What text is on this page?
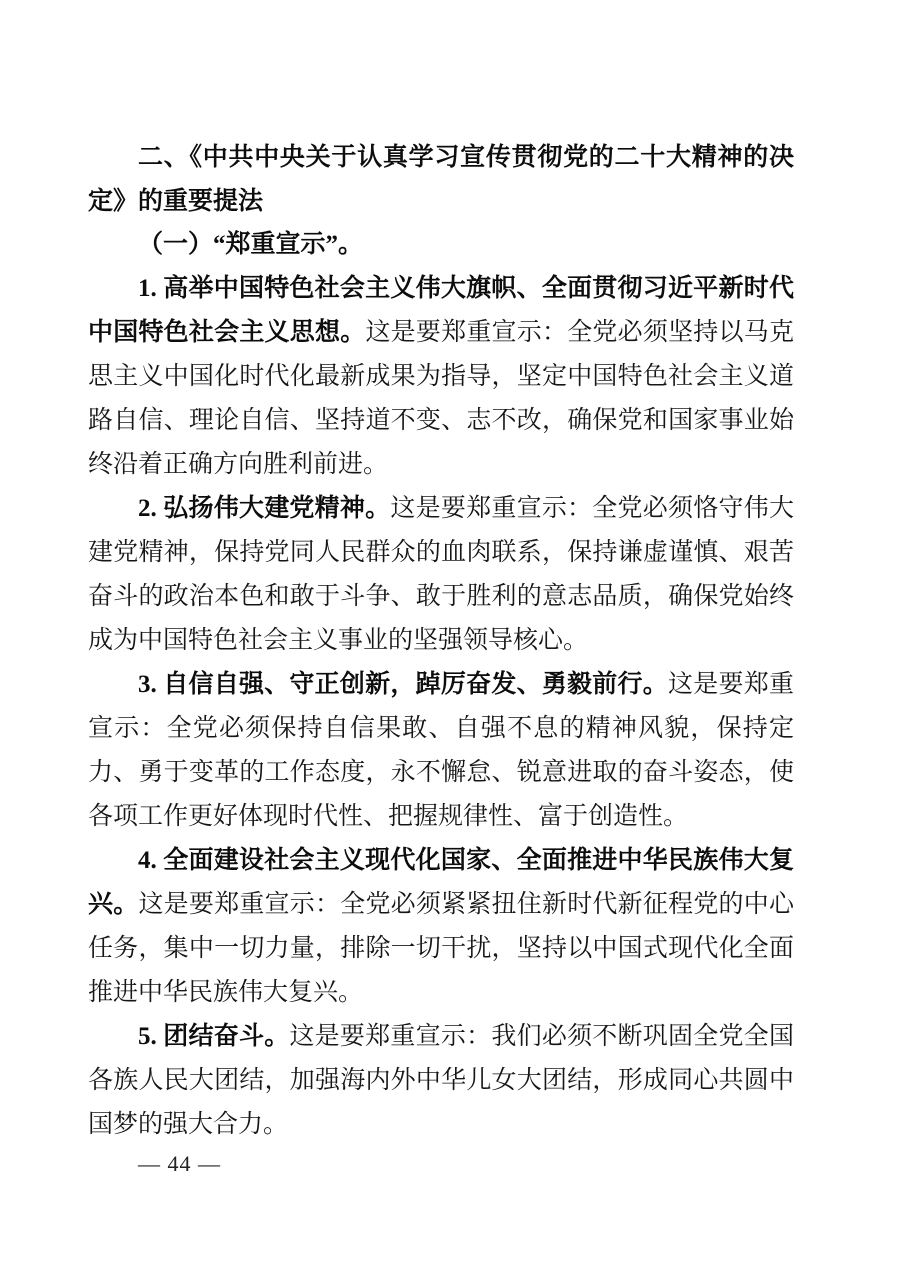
二、《中共中央关于认真学习宣传贯彻党的二十大精神的决定》的重要提法
（一）“郑重宣示”。

1. 高举中国特色社会主义伟大旗帜、全面贯彻习近平新时代中国特色社会主义思想。这是要郑重宣示：全党必须坚持以马克思主义中国化时代化最新成果为指导，坚定中国特色社会主义道路自信、理论自信、坚持道不变、志不改，确保党和国家事业始终沿着正确方向胜利前进。

2. 弘扬伟大建党精神。这是要郑重宣示：全党必须恪守伟大建党精神，保持党同人民群众的血肉联系，保持谦虚谨慎、艰苦奋斗的政治本色和敢于斗争、敢于胜利的意志品质，确保党始终成为中国特色社会主义事业的坚强领导核心。

3. 自信自强、守正创新，踔厉奋发、勇毅前行。这是要郑重宣示：全党必须保持自信果敢、自强不息的精神风貌，保持定力、勇于变革的工作态度，永不懈怠、锐意进取的奋斗姿态，使各项工作更好体现时代性、把握规律性、富于创造性。

4. 全面建设社会主义现代化国家、全面推进中华民族伟大复兴。这是要郑重宣示：全党必须紧紧扭住新时代新征程党的中心任务，集中一切力量，排除一切干扰，坚持以中国式现代化全面推进中华民族伟大复兴。

5. 团结奋斗。这是要郑重宣示：我们必须不断巩固全党全国各族人民大团结，加强海内外中华儿女大团结，形成同心共圆中国梦的强大合力。

— 44 —
